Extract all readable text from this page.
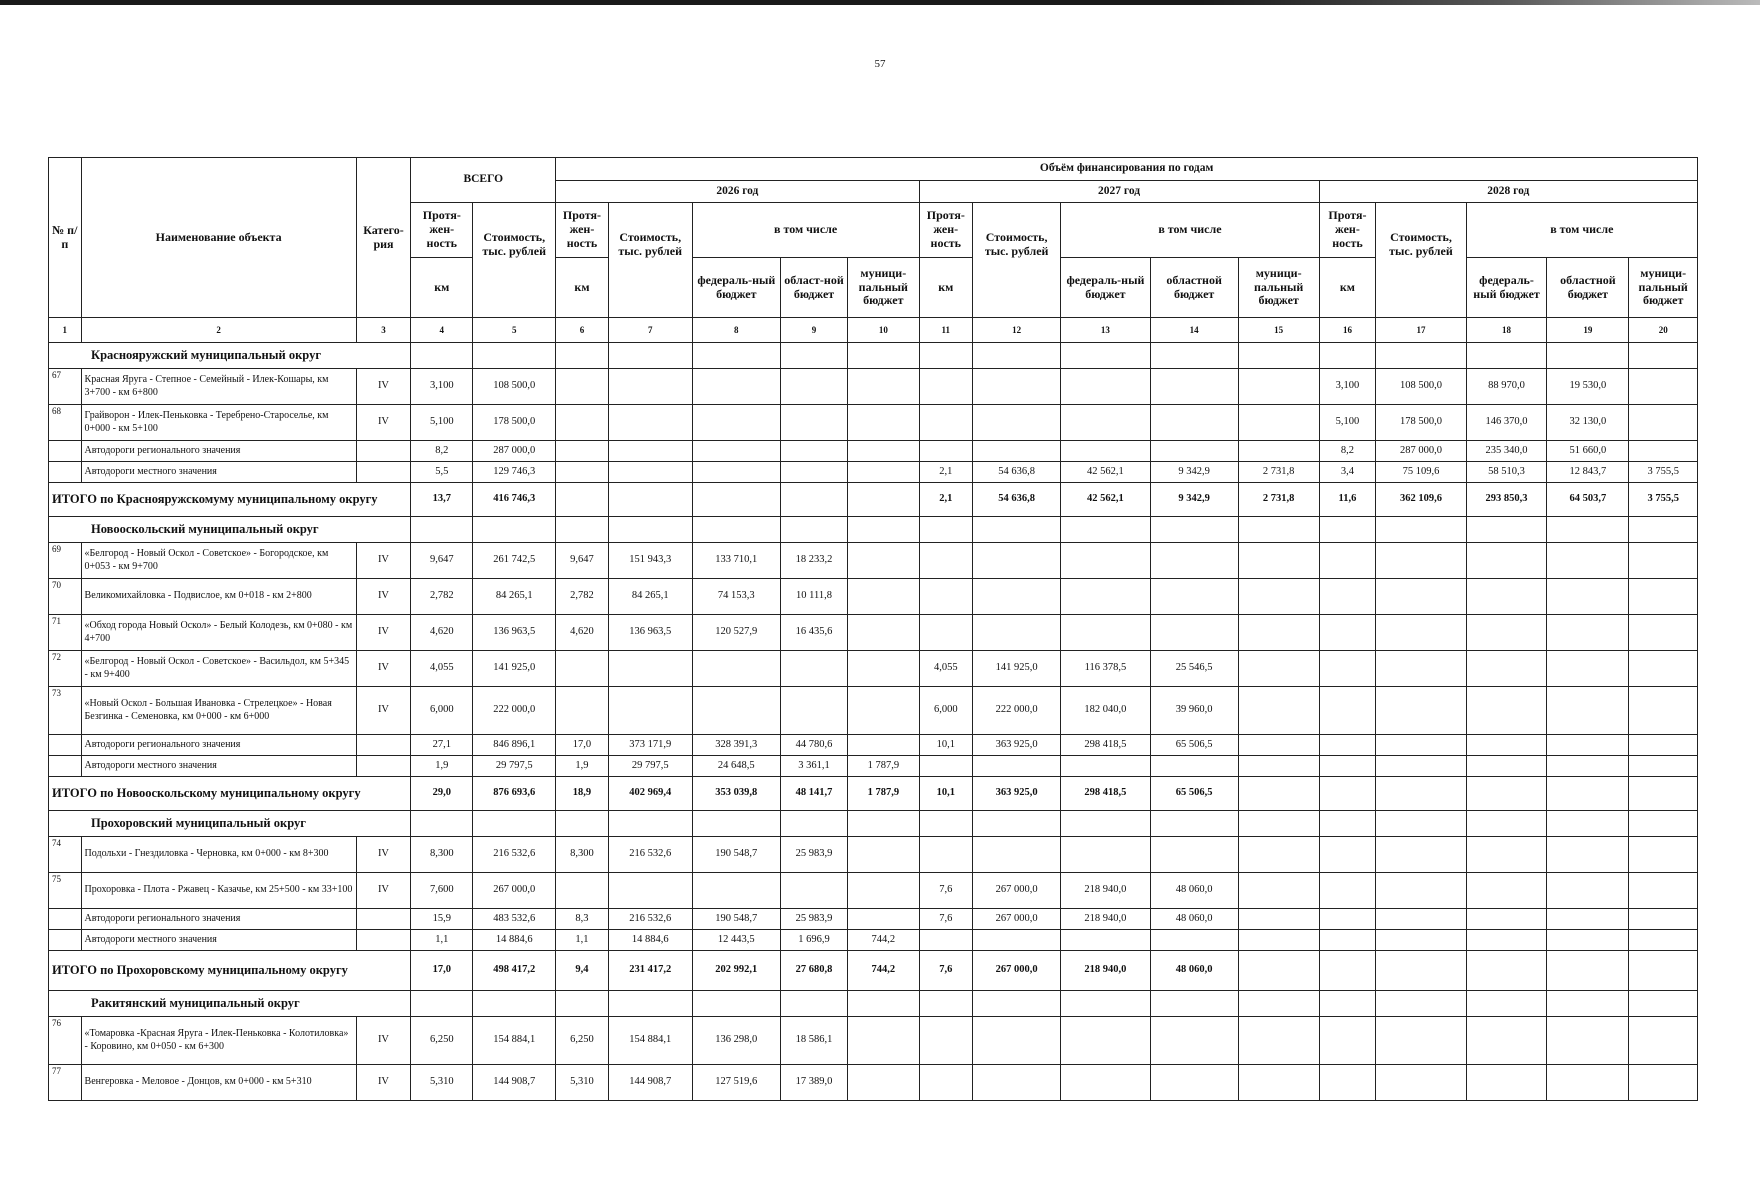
57
№ п/п	Наименование объекта	Катего-рия	ВСЕГО		Объём финансирования по годам														
					2026 год					2027 год					2028 год				
			Протя-жен-ность	Стоимость, тыс. рублей	Протя-жен-ность	Стоимость, тыс. рублей	в том числе			Протя-жен-ность	Стоимость, тыс. рублей	в том числе			Протя-жен-ность	Стоимость, тыс. рублей	в том числе		
			км		км		федераль-ный бюджет	област-ной бюджет	муници-пальный бюджет	км		федераль-ный бюджет	областной бюджет	муници-пальный бюджет	км		федераль-ный бюджет	областной бюджет	муници-пальный бюджет
1	2	3	4	5	6	7	8	9	10	11	12	13	14	15	16	17	18	19	20
Краснояружский муниципальный округ																			
67	Красная Яруга - Степное - Семейный - Илек-Кошары, км 3+700 - км 6+800	IV	3,100	108 500,0											3,100	108 500,0	88 970,0	19 530,0	
68	Грайворон - Илек-Пеньковка - Теребрено-Староселье, км 0+000 - км 5+100	IV	5,100	178 500,0											5,100	178 500,0	146 370,0	32 130,0	
	Автодороги регионального значения		8,2	287 000,0											8,2	287 000,0	235 340,0	51 660,0	
	Автодороги местного значения		5,5	129 746,3						2,1	54 636,8	42 562,1	9 342,9	2 731,8	3,4	75 109,6	58 510,3	12 843,7	3 755,5
ИТОГО по Краснояружскомуму муниципальному округу			13,7	416 746,3						2,1	54 636,8	42 562,1	9 342,9	2 731,8	11,6	362 109,6	293 850,3	64 503,7	3 755,5
Новооскольский муниципальный округ																			
69	«Белгород - Новый Оскол - Советское» - Богородское, км 0+053 - км 9+700	IV	9,647	261 742,5	9,647	151 943,3	133 710,1	18 233,2											
70	Великомихайловка - Подвислое, км 0+018 - км 2+800	IV	2,782	84 265,1	2,782	84 265,1	74 153,3	10 111,8											
71	«Обход города Новый Оскол» - Белый Колодезь, км 0+080 - км 4+700	IV	4,620	136 963,5	4,620	136 963,5	120 527,9	16 435,6											
72	«Белгород - Новый Оскол - Советское» - Васильдол, км 5+345 - км 9+400	IV	4,055	141 925,0						4,055	141 925,0	116 378,5	25 546,5						
73	«Новый Оскол - Большая Ивановка - Стрелецкое» - Новая Безгинка - Семеновка, км 0+000 - км 6+000	IV	6,000	222 000,0						6,000	222 000,0	182 040,0	39 960,0						
	Автодороги регионального значения		27,1	846 896,1	17,0	373 171,9	328 391,3	44 780,6		10,1	363 925,0	298 418,5	65 506,5						
	Автодороги местного значения		1,9	29 797,5	1,9	29 797,5	24 648,5	3 361,1	1 787,9										
ИТОГО по Новооскольскому муниципальному округу			29,0	876 693,6	18,9	402 969,4	353 039,8	48 141,7	1 787,9	10,1	363 925,0	298 418,5	65 506,5						
Прохоровский муниципальный округ																			
74	Подольхи - Гнездиловка - Черновка, км 0+000 - км 8+300	IV	8,300	216 532,6	8,300	216 532,6	190 548,7	25 983,9											
75	Прохоровка - Плота - Ржавец - Казачье, км 25+500 - км 33+100	IV	7,600	267 000,0						7,6	267 000,0	218 940,0	48 060,0						
	Автодороги регионального значения		15,9	483 532,6	8,3	216 532,6	190 548,7	25 983,9		7,6	267 000,0	218 940,0	48 060,0						
	Автодороги местного значения		1,1	14 884,6	1,1	14 884,6	12 443,5	1 696,9	744,2										
ИТОГО по Прохоровскому муниципальному округу			17,0	498 417,2	9,4	231 417,2	202 992,1	27 680,8	744,2	7,6	267 000,0	218 940,0	48 060,0						
Ракитянский муниципальный округ																			
76	«Томаровка -Красная Яруга - Илек-Пеньковка - Колотиловка» - Коровино, км 0+050 - км 6+300	IV	6,250	154 884,1	6,250	154 884,1	136 298,0	18 586,1											
77	Венгеровка - Меловое - Донцов, км 0+000 - км 5+310	IV	5,310	144 908,7	5,310	144 908,7	127 519,6	17 389,0											
